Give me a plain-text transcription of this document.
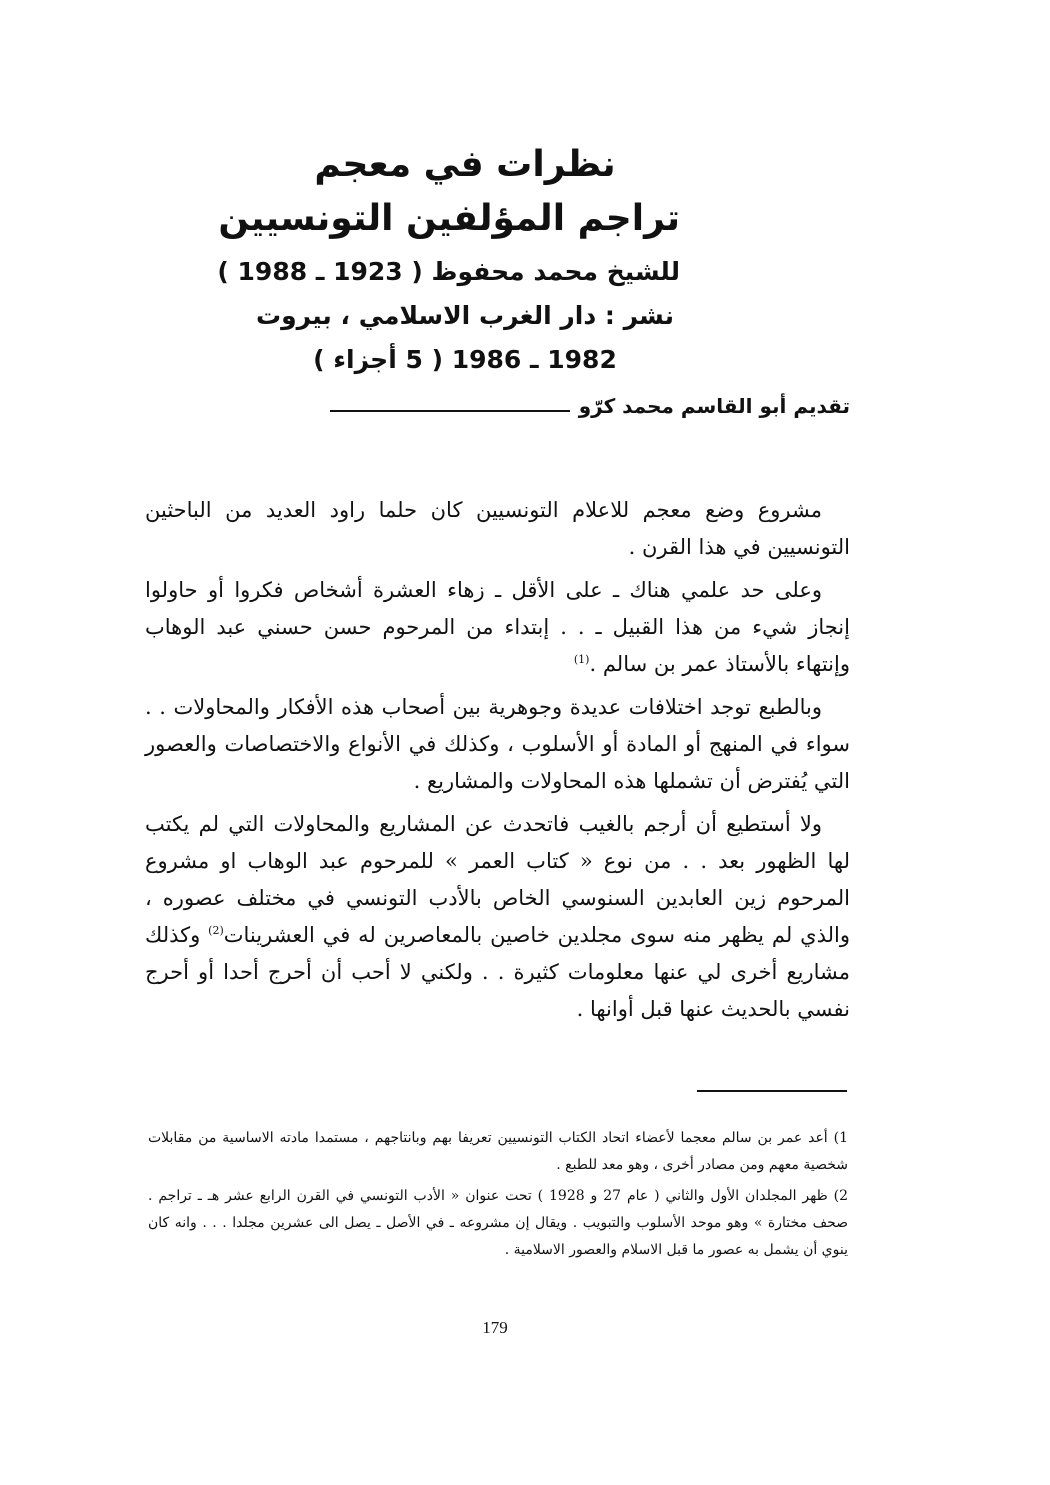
نظرات في معجم
تراجم المؤلفين التونسيين
للشيخ محمد محفوظ ( 1923 ـ 1988 )
نشر : دار الغرب الاسلامي ، بيروت
1982 ـ 1986 ( 5 أجزاء )
تقديم أبو القاسم محمد كرّو

مشروع وضع معجم للاعلام التونسيين كان حلما راود العديد من الباحثين التونسيين في هذا القرن .

وعلى حد علمي هناك ـ على الأقل ـ زهاء العشرة أشخاص فكروا أو حاولوا إنجاز شيء من هذا القبيل ـ . . إبتداء من المرحوم حسن حسني عبد الوهاب وإنتهاء بالأستاذ عمر بن سالم .$^{(1)}$

وبالطبع توجد اختلافات عديدة وجوهرية بين أصحاب هذه الأفكار والمحاولات . . سواء في المنهج أو المادة أو الأسلوب ، وكذلك في الأنواع والاختصاصات والعصور التي يُفترض أن تشملها هذه المحاولات والمشاريع .

ولا أستطيع أن أرجم بالغيب فاتحدث عن المشاريع والمحاولات التي لم يكتب لها الظهور بعد . . من نوع « كتاب العمر » للمرحوم عبد الوهاب او مشروع المرحوم زين العابدين السنوسي الخاص بالأدب التونسي في مختلف عصوره ، والذي لم يظهر منه سوى مجلدين خاصين بالمعاصرين له في العشرينات$^{(2)}$ وكذلك مشاريع أخرى لي عنها معلومات كثيرة . . ولكني لا أحب أن أحرج أحدا أو أحرج نفسي بالحديث عنها قبل أوانها .

1) أعد عمر بن سالم معجما لأعضاء اتحاد الكتاب التونسيين تعريفا بهم وبانتاجهم ، مستمدا مادته الاساسية من مقابلات شخصية معهم ومن مصادر أخرى ، وهو معد للطبع .

2) ظهر المجلدان الأول والثاني ( عام 27 و 1928 ) تحت عنوان « الأدب التونسي في القرن الرابع عشر هـ ـ تراجم . صحف مختارة » وهو موحد الأسلوب والتبويب . ويقال إن مشروعه ـ في الأصل ـ يصل الى عشرين مجلدا . . . وانه كان ينوي أن يشمل به عصور ما قبل الاسلام والعصور الاسلامية .

179
